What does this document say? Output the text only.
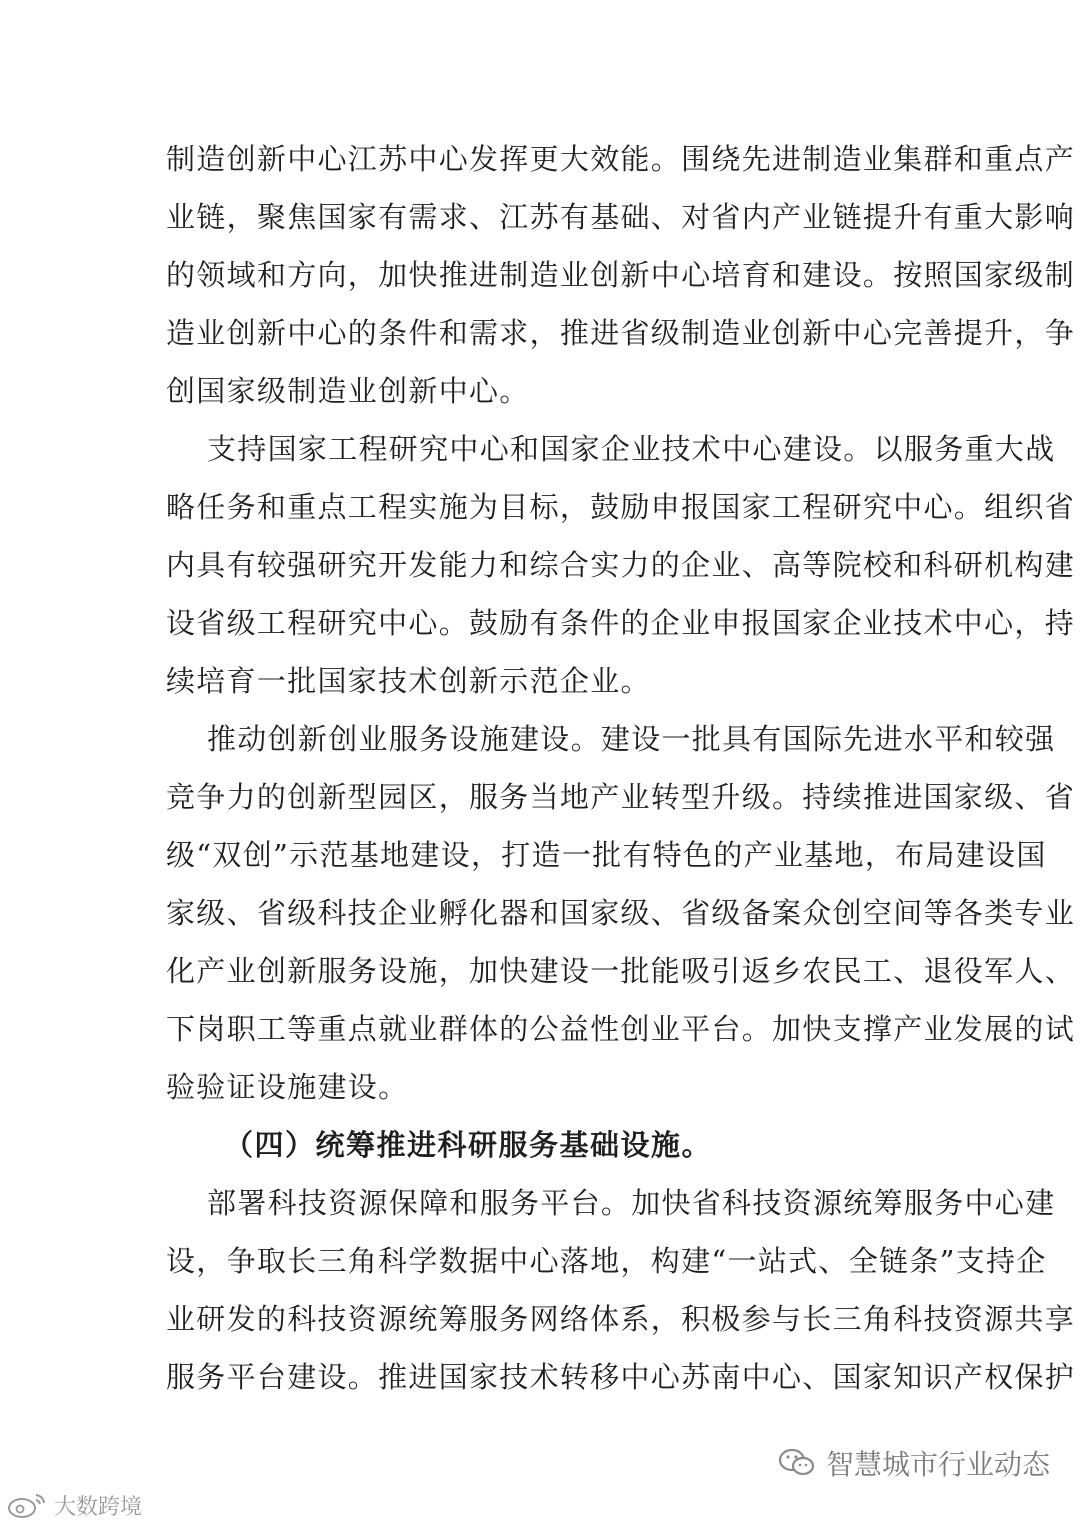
制造创新中心江苏中心发挥更大效能。围绕先进制造业集群和重点产
业链，聚焦国家有需求、江苏有基础、对省内产业链提升有重大影响
的领域和方向，加快推进制造业创新中心培育和建设。按照国家级制
造业创新中心的条件和需求，推进省级制造业创新中心完善提升，争
创国家级制造业创新中心。
支持国家工程研究中心和国家企业技术中心建设。以服务重大战
略任务和重点工程实施为目标，鼓励申报国家工程研究中心。组织省
内具有较强研究开发能力和综合实力的企业、高等院校和科研机构建
设省级工程研究中心。鼓励有条件的企业申报国家企业技术中心，持
续培育一批国家技术创新示范企业。
推动创新创业服务设施建设。建设一批具有国际先进水平和较强
竞争力的创新型园区，服务当地产业转型升级。持续推进国家级、省
级“双创”示范基地建设，打造一批有特色的产业基地，布局建设国
家级、省级科技企业孵化器和国家级、省级备案众创空间等各类专业
化产业创新服务设施，加快建设一批能吸引返乡农民工、退役军人、
下岗职工等重点就业群体的公益性创业平台。加快支撑产业发展的试
验验证设施建设。
（四）统筹推进科研服务基础设施。
部署科技资源保障和服务平台。加快省科技资源统筹服务中心建
设，争取长三角科学数据中心落地，构建“一站式、全链条”支持企
业研发的科技资源统筹服务网络体系，积极参与长三角科技资源共享
服务平台建设。推进国家技术转移中心苏南中心、国家知识产权保护
智慧城市行业动态
大数跨境
